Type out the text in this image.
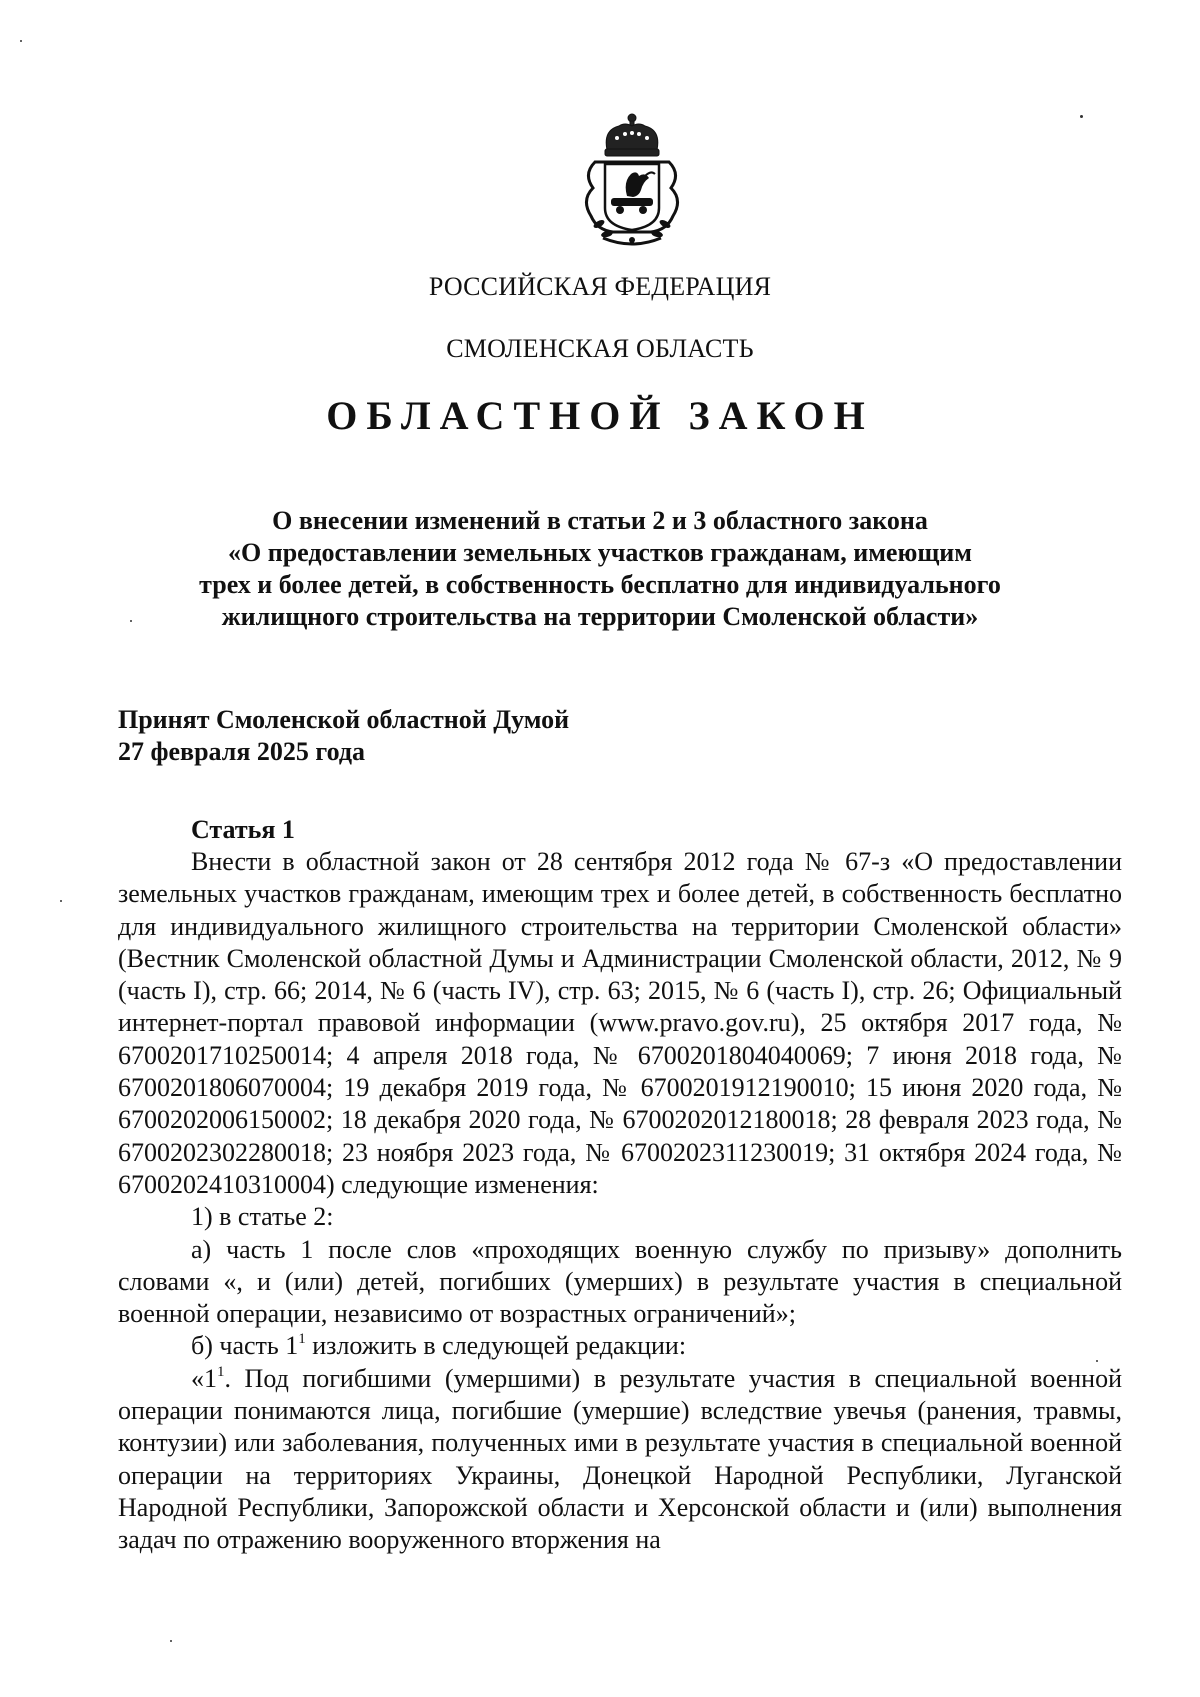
РОССИЙСКАЯ ФЕДЕРАЦИЯ
СМОЛЕНСКАЯ ОБЛАСТЬ
ОБЛАСТНОЙ ЗАКОН
О внесении изменений в статьи 2 и 3 областного закона
«О предоставлении земельных участков гражданам, имеющим
трех и более детей, в собственность бесплатно для индивидуального
жилищного строительства на территории Смоленской области»
Принят Смоленской областной Думой
27 февраля 2025 года
Статья 1

Внести в областной закон от 28 сентября 2012 года № 67-з «О предоставлении земельных участков гражданам, имеющим трех и более детей, в собственность бесплатно для индивидуального жилищного строительства на территории Смоленской области» (Вестник Смоленской областной Думы и Администрации Смоленской области, 2012, № 9 (часть I), стр. 66; 2014, № 6 (часть IV), стр. 63; 2015, № 6 (часть I), стр. 26; Официальный интернет-портал правовой информации (www.pravo.gov.ru), 25 октября 2017 года, № 6700201710250014; 4 апреля 2018 года, № 6700201804040069; 7 июня 2018 года, № 6700201806070004; 19 декабря 2019 года, № 6700201912190010; 15 июня 2020 года, № 6700202006150002; 18 декабря 2020 года, № 6700202012180018; 28 февраля 2023 года, № 6700202302280018; 23 ноября 2023 года, № 6700202311230019; 31 октября 2024 года, № 6700202410310004) следующие изменения:

1) в статье 2:

а) часть 1 после слов «проходящих военную службу по призыву» дополнить словами «, и (или) детей, погибших (умерших) в результате участия в специальной военной операции, независимо от возрастных ограничений»;

б) часть $1^1$ изложить в следующей редакции:

«$1^1$. Под погибшими (умершими) в результате участия в специальной военной операции понимаются лица, погибшие (умершие) вследствие увечья (ранения, травмы, контузии) или заболевания, полученных ими в результате участия в специальной военной операции на территориях Украины, Донецкой Народной Республики, Луганской Народной Республики, Запорожской области и Херсонской области и (или) выполнения задач по отражению вооруженного вторжения на
